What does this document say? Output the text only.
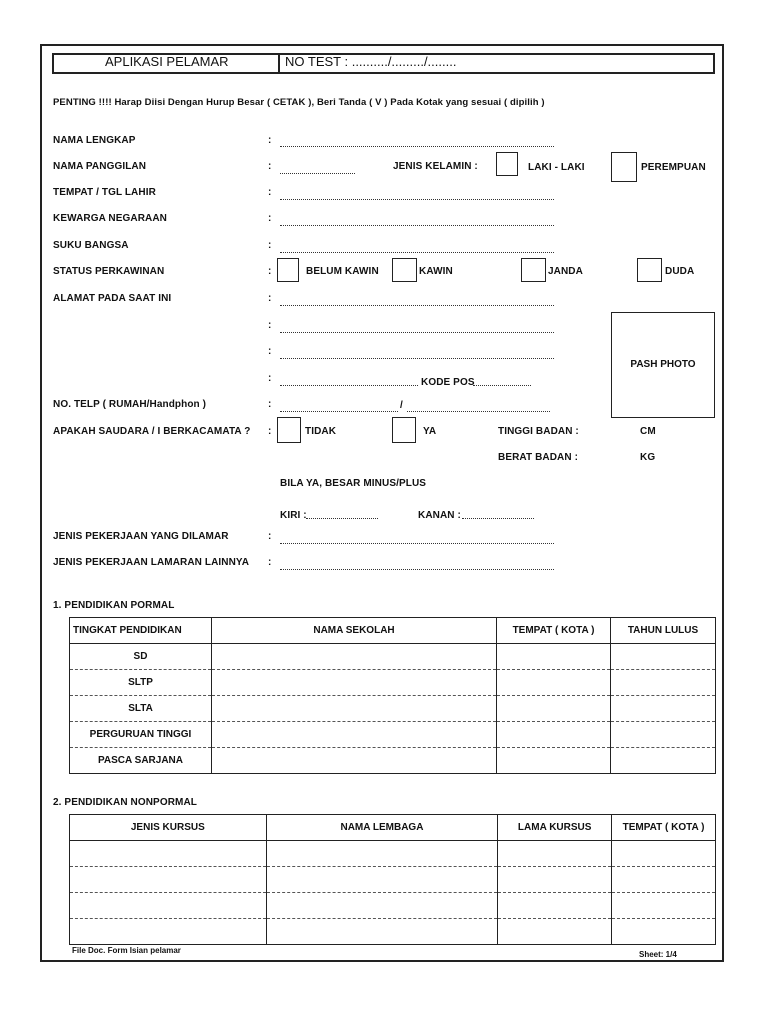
APLIKASI PELAMAR	NO TEST : ........../........./........
PENTING !!!! Harap Diisi Dengan Hurup Besar ( CETAK ), Beri Tanda ( V ) Pada Kotak yang sesuai ( dipilih )
NAMA LENGKAP	:
NAMA PANGGILAN	:	JENIS KELAMIN :	LAKI - LAKI	PEREMPUAN
TEMPAT / TGL LAHIR	:
KEWARGA NEGARAAN	:
SUKU BANGSA	:
STATUS PERKAWINAN	:	BELUM KAWIN	KAWIN	JANDA	DUDA
ALAMAT PADA SAAT INI	:
:
:
:	KODE POS
PASH PHOTO
NO. TELP ( RUMAH/Handphon )	:	/
APAKAH SAUDARA / I BERKACAMATA ? :	TIDAK	YA	TINGGI BADAN :	CM
BERAT BADAN :	KG
BILA YA, BESAR MINUS/PLUS
KIRI :	KANAN :
JENIS PEKERJAAN YANG DILAMAR	:
JENIS PEKERJAAN LAMARAN LAINNYA :
1. PENDIDIKAN PORMAL
TINGKAT PENDIDIKAN	NAMA SEKOLAH	TEMPAT ( KOTA )	TAHUN LULUS
SD			
SLTP			
SLTA			
PERGURUAN TINGGI			
PASCA SARJANA			
2. PENDIDIKAN NONPORMAL
JENIS KURSUS	NAMA LEMBAGA	LAMA KURSUS	TEMPAT ( KOTA )

File Doc. Form Isian pelamar	Sheet: 1/4
